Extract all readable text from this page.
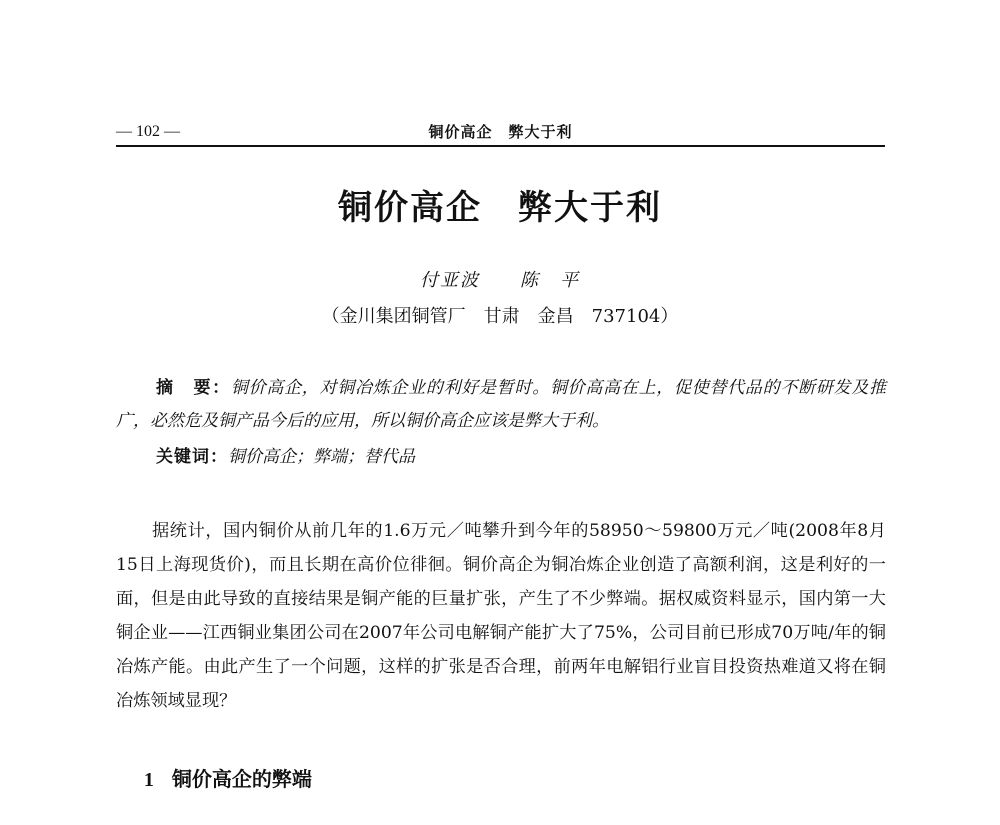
— 102 —	铜价高企　弊大于利
铜价高企　弊大于利
付亚波　　陈　平
（金川集团铜管厂　甘肃　金昌　737104）
摘　要：铜价高企，对铜冶炼企业的利好是暂时。铜价高高在上，促使替代品的不断研发及推广，必然危及铜产品今后的应用，所以铜价高企应该是弊大于利。
关键词：铜价高企；弊端；替代品
据统计，国内铜价从前几年的1.6万元／吨攀升到今年的58950～59800万元／吨(2008年8月15日上海现货价)，而且长期在高价位徘徊。铜价高企为铜冶炼企业创造了高额利润，这是利好的一面，但是由此导致的直接结果是铜产能的巨量扩张，产生了不少弊端。据权威资料显示，国内第一大铜企业——江西铜业集团公司在2007年公司电解铜产能扩大了75%，公司目前已形成70万吨/年的铜冶炼产能。由此产生了一个问题，这样的扩张是否合理，前两年电解铝行业盲目投资热难道又将在铜冶炼领域显现？

1 铜价高企的弊端
